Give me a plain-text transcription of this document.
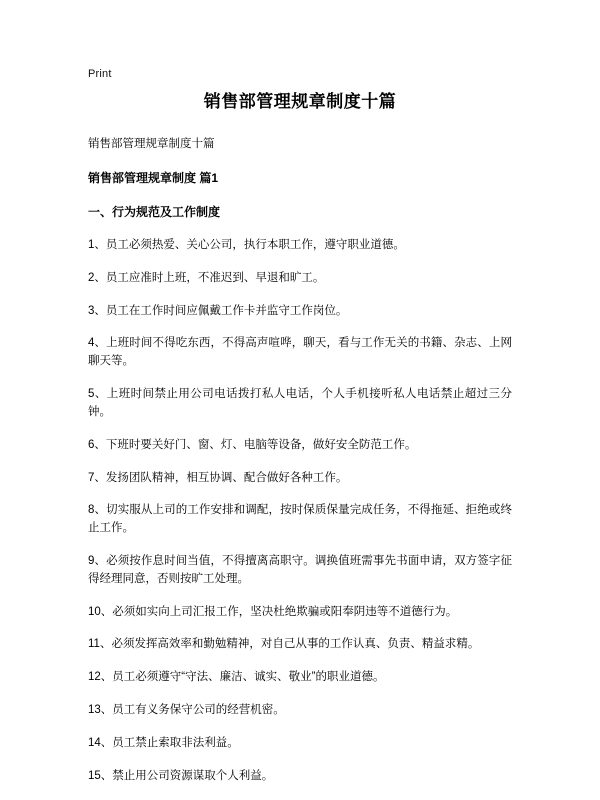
Print
销售部管理规章制度十篇

销售部管理规章制度十篇

销售部管理规章制度 篇1

一、行为规范及工作制度

1、员工必须热爱、关心公司，执行本职工作，遵守职业道德。

2、员工应准时上班，不准迟到、早退和旷工。

3、员工在工作时间应佩戴工作卡并监守工作岗位。

4、上班时间不得吃东西，不得高声喧哗，聊天，看与工作无关的书籍、杂志、上网聊天等。

5、上班时间禁止用公司电话拨打私人电话，个人手机接听私人电话禁止超过三分钟。

6、下班时要关好门、窗、灯、电脑等设备，做好安全防范工作。

7、发扬团队精神，相互协调、配合做好各种工作。

8、切实服从上司的工作安排和调配，按时保质保量完成任务，不得拖延、拒绝或终止工作。

9、必须按作息时间当值，不得擅离高职守。调换值班需事先书面申请，双方签字征得经理同意，否则按旷工处理。

10、必须如实向上司汇报工作，坚决杜绝欺骗或阳奉阴违等不道德行为。

11、必须发挥高效率和勤勉精神，对自己从事的工作认真、负责、精益求精。

12、员工必须遵守“守法、廉洁、诚实、敬业”的职业道德。

13、员工有义务保守公司的经营机密。

14、员工禁止索取非法利益。

15、禁止用公司资源谋取个人利益。
